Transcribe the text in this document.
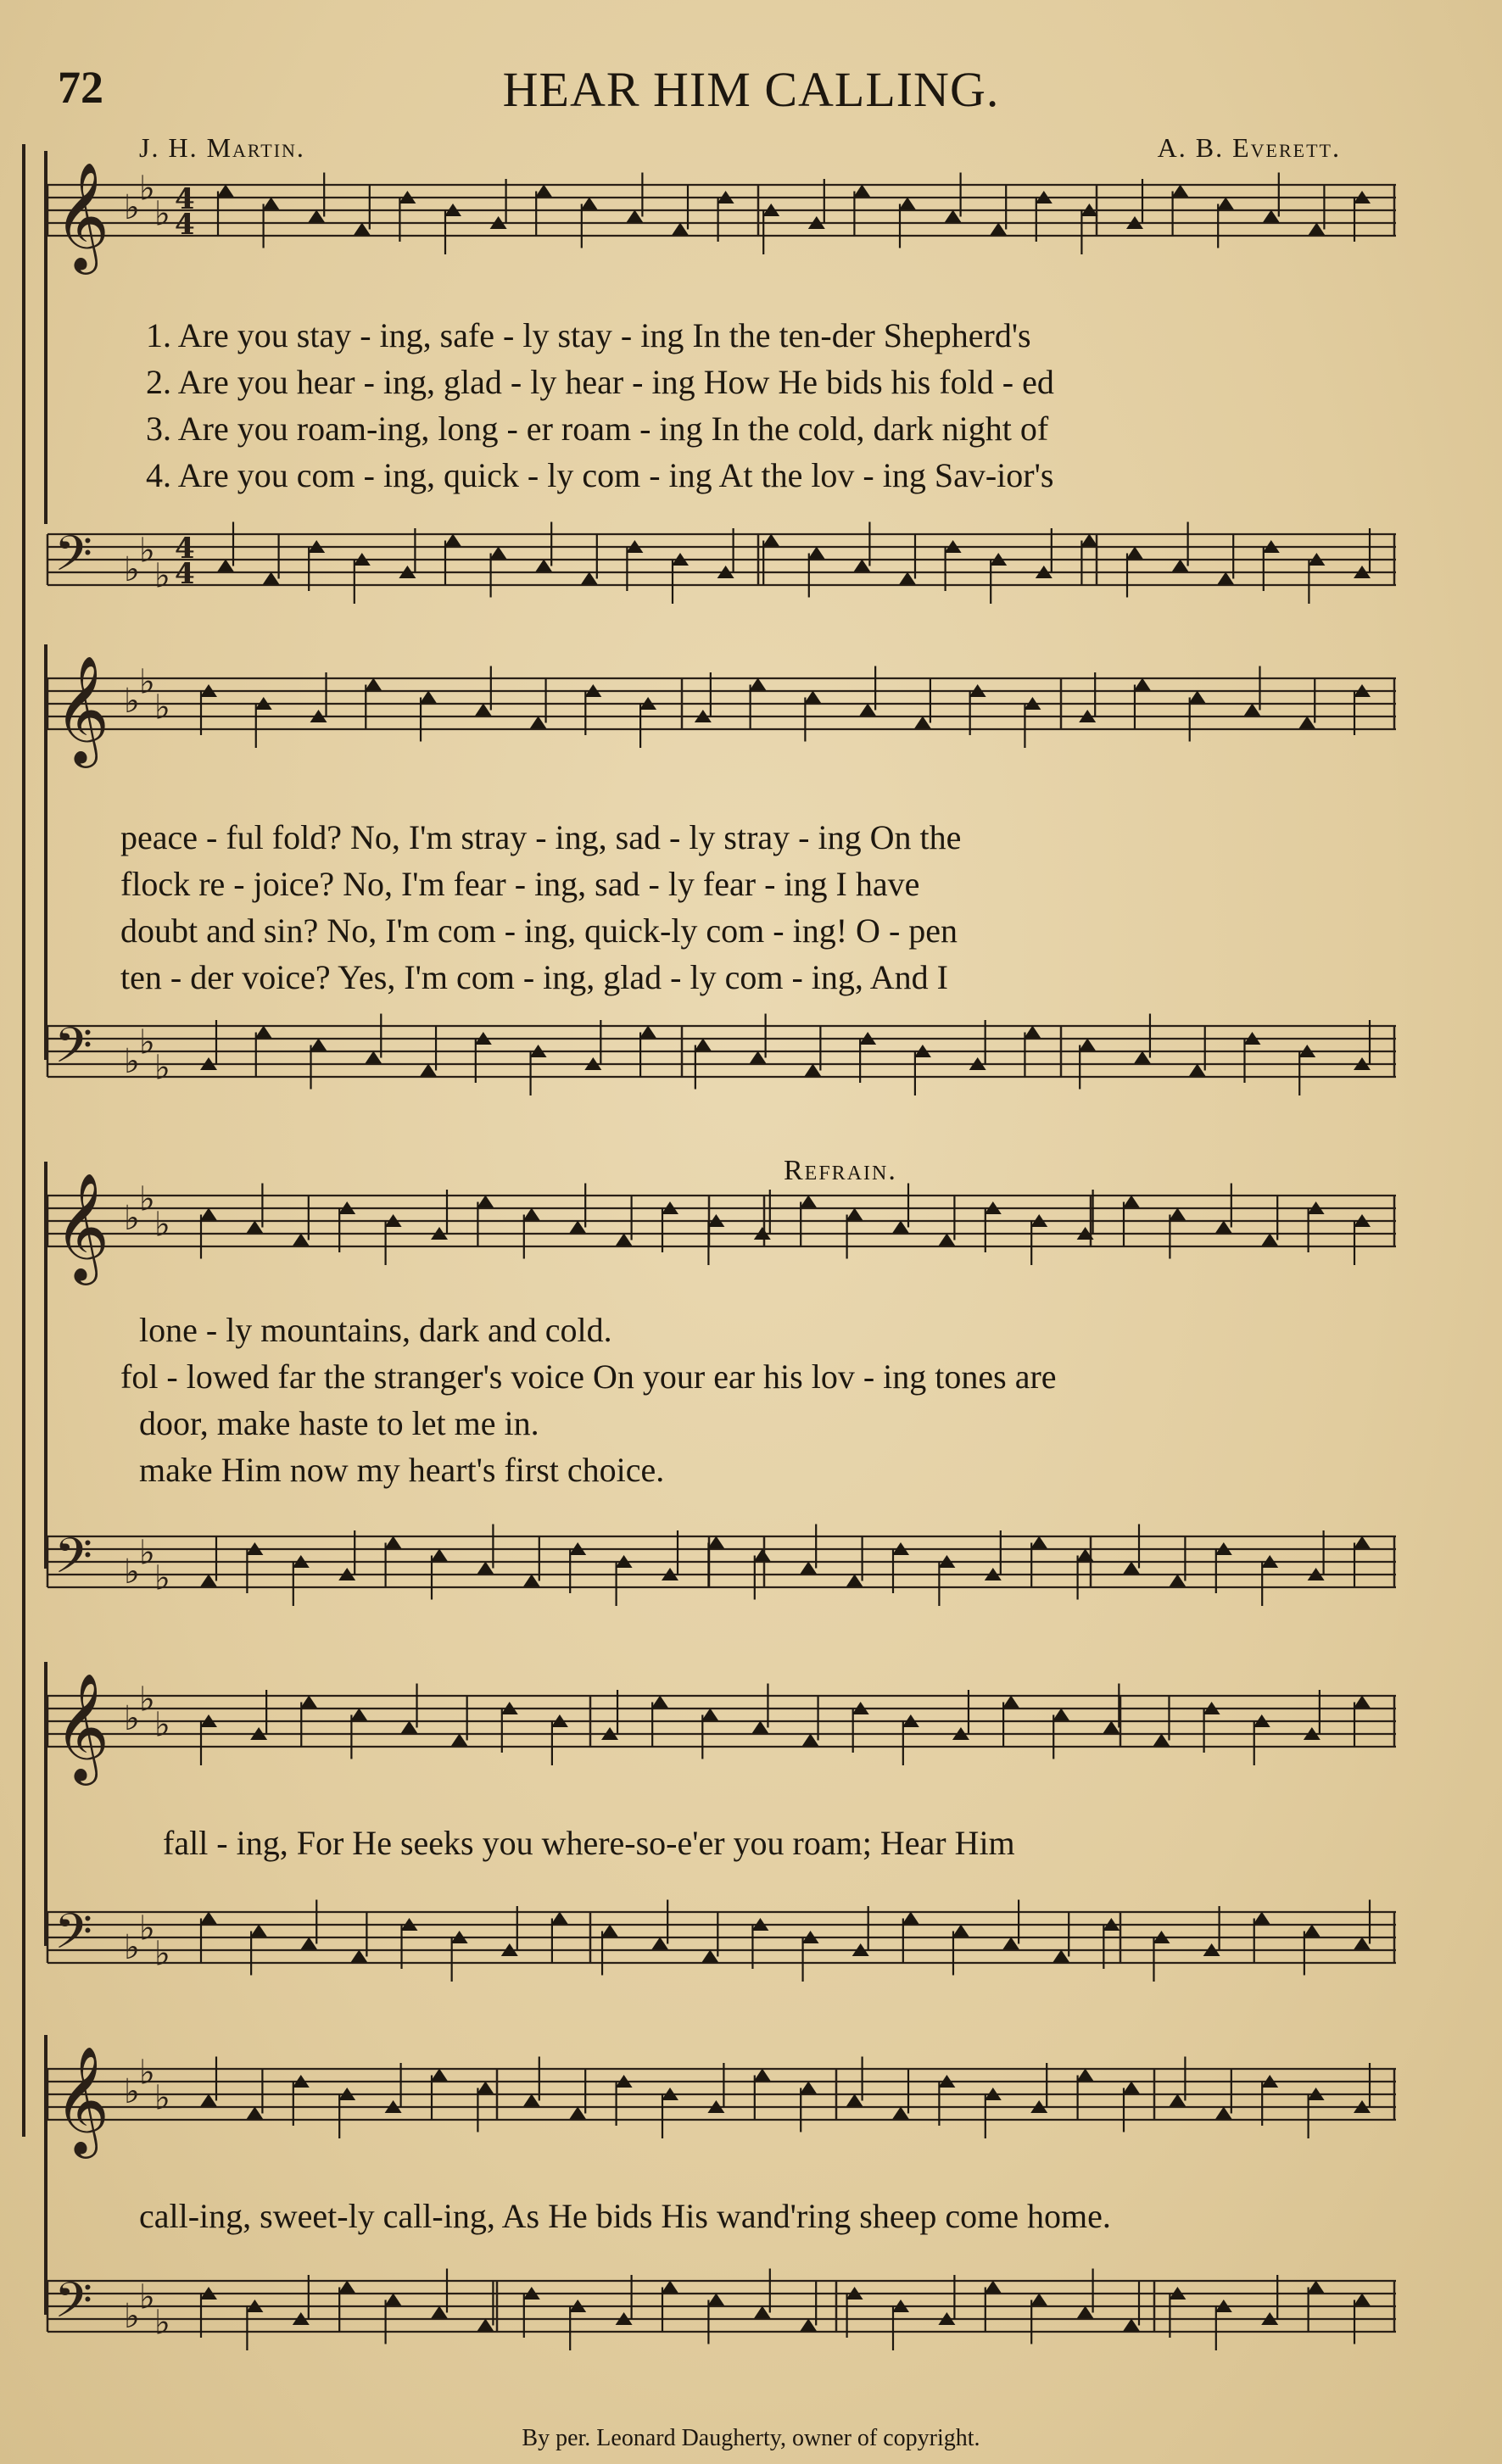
72	HEAR HIM CALLING.
J. H. Martin.	A. B. Everett.
𝄞 ♭ ♭
♭ 4
4
𝄢 ♭ ♭
♭
4
4
𝄞 ♭ ♭
♭
𝄢 ♭ ♭
♭
𝄞 ♭ ♭
♭
𝄢 ♭ ♭
♭
𝄞 ♭ ♭
♭
𝄢 ♭ ♭
♭
𝄞 ♭ ♭
♭
𝄢 ♭ ♭
♭
1. Are you stay - ing, safe - ly stay - ing In the ten-der Shepherd's
2. Are you hear - ing, glad - ly hear - ing How He bids his fold - ed
3. Are you roam-ing, long - er roam - ing In the cold, dark night of
4. Are you com - ing, quick - ly com - ing At the lov - ing Sav-ior's
peace - ful fold? No, I'm stray - ing, sad - ly stray - ing On the
flock re - joice? No, I'm fear - ing, sad - ly fear - ing I have
doubt and sin? No, I'm com - ing, quick-ly com - ing! O - pen
ten - der voice? Yes, I'm com - ing, glad - ly com - ing, And I
Refrain.
lone - ly mountains, dark and cold.
fol - lowed far the stranger's voice On your ear his lov - ing tones are
door, make haste to let me in.
make Him now my heart's first choice.
fall - ing, For He seeks you where-so-e'er you roam; Hear Him
call-ing, sweet-ly call-ing, As He bids His wand'ring sheep come home.
By per. Leonard Daugherty, owner of copyright.
